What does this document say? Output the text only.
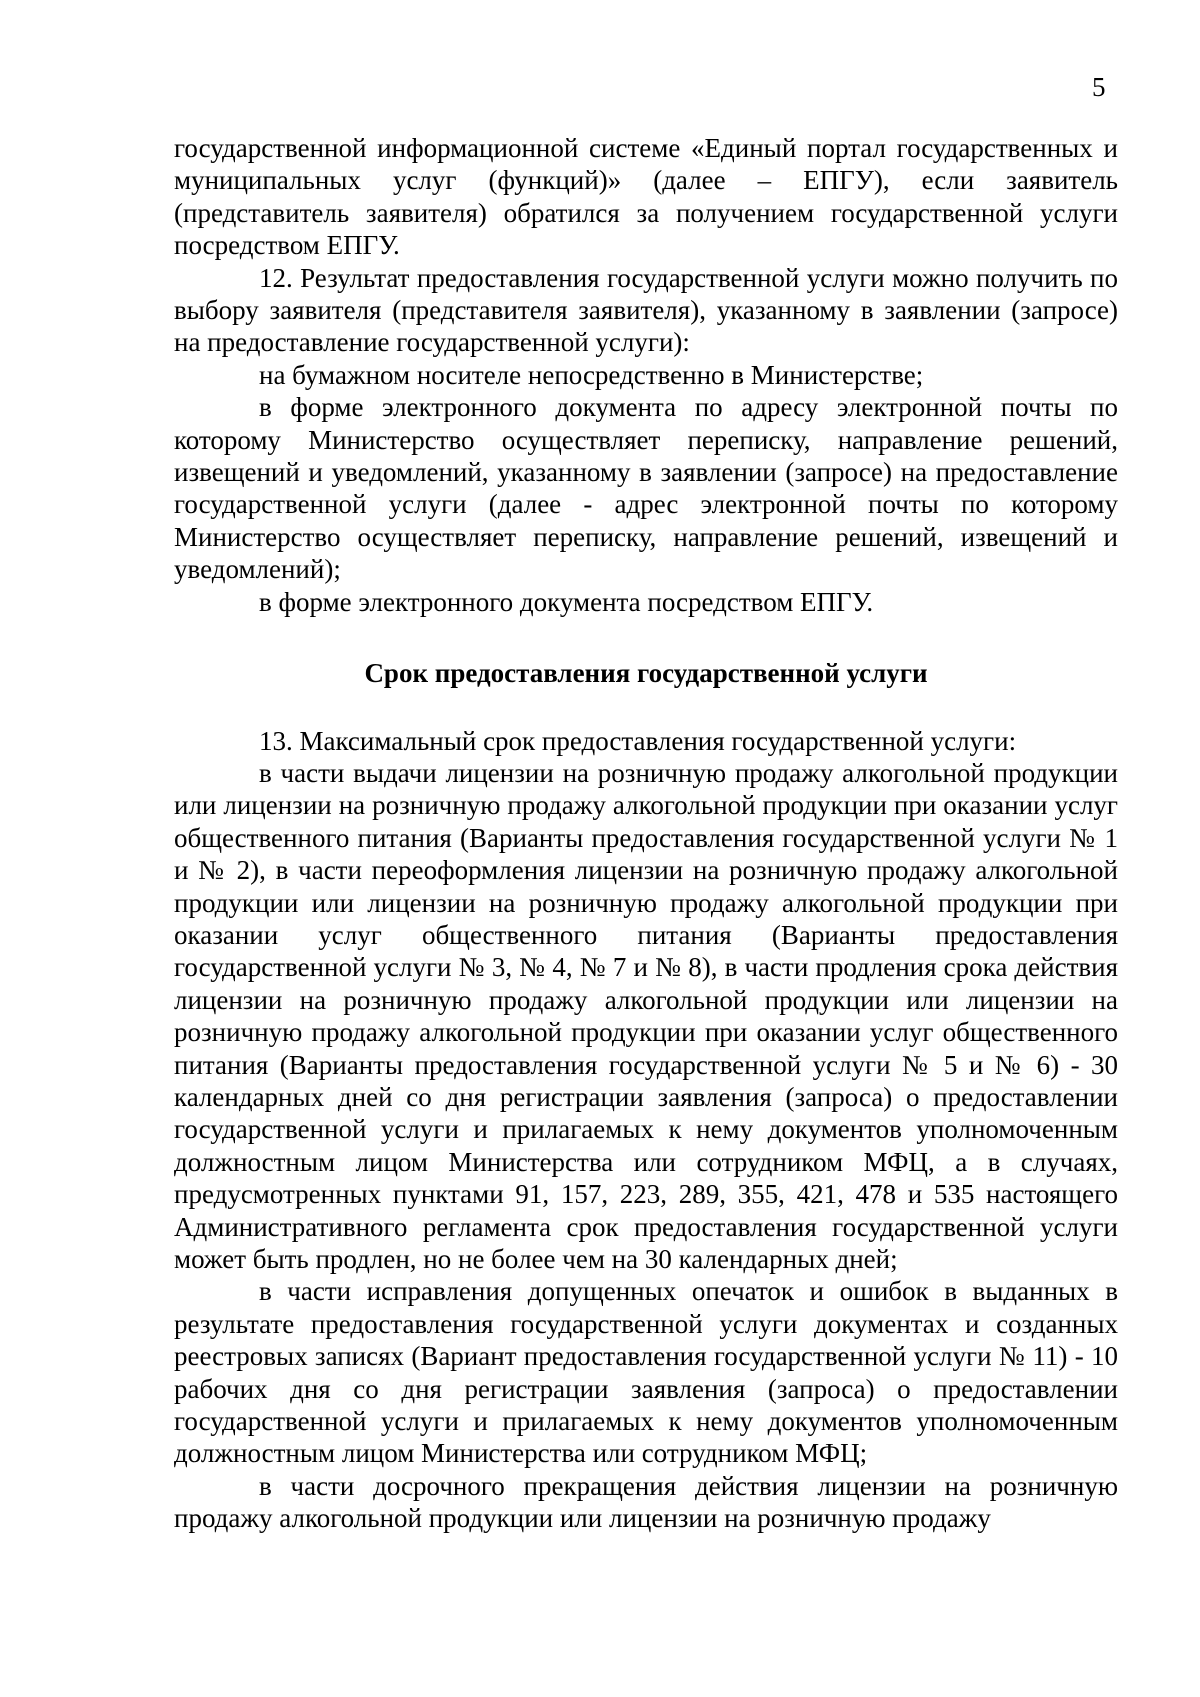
5

государственной информационной системе «Единый портал государственных и муниципальных услуг (функций)» (далее – ЕПГУ), если заявитель (представитель заявителя) обратился за получением государственной услуги посредством ЕПГУ.

12. Результат предоставления государственной услуги можно получить по выбору заявителя (представителя заявителя), указанному в заявлении (запросе) на предоставление государственной услуги):

на бумажном носителе непосредственно в Министерстве;

в форме электронного документа по адресу электронной почты по которому Министерство осуществляет переписку, направление решений, извещений и уведомлений, указанному в заявлении (запросе) на предоставление государственной услуги (далее - адрес электронной почты по которому Министерство осуществляет переписку, направление решений, извещений и уведомлений);

в форме электронного документа посредством ЕПГУ.

Срок предоставления государственной услуги

13. Максимальный срок предоставления государственной услуги:

в части выдачи лицензии на розничную продажу алкогольной продукции или лицензии на розничную продажу алкогольной продукции при оказании услуг общественного питания (Варианты предоставления государственной услуги № 1 и № 2), в части переоформления лицензии на розничную продажу алкогольной продукции или лицензии на розничную продажу алкогольной продукции при оказании услуг общественного питания (Варианты предоставления государственной услуги № 3, № 4, № 7 и № 8), в части продления срока действия лицензии на розничную продажу алкогольной продукции или лицензии на розничную продажу алкогольной продукции при оказании услуг общественного питания (Варианты предоставления государственной услуги № 5 и № 6) - 30 календарных дней со дня регистрации заявления (запроса) о предоставлении государственной услуги и прилагаемых к нему документов уполномоченным должностным лицом Министерства или сотрудником МФЦ, а в случаях, предусмотренных пунктами 91, 157, 223, 289, 355, 421, 478 и 535 настоящего Административного регламента срок предоставления государственной услуги может быть продлен, но не более чем на 30 календарных дней;

в части исправления допущенных опечаток и ошибок в выданных в результате предоставления государственной услуги документах и созданных реестровых записях (Вариант предоставления государственной услуги № 11) - 10 рабочих дня со дня регистрации заявления (запроса) о предоставлении государственной услуги и прилагаемых к нему документов уполномоченным должностным лицом Министерства или сотрудником МФЦ;

в части досрочного прекращения действия лицензии на розничную продажу алкогольной продукции или лицензии на розничную продажу
